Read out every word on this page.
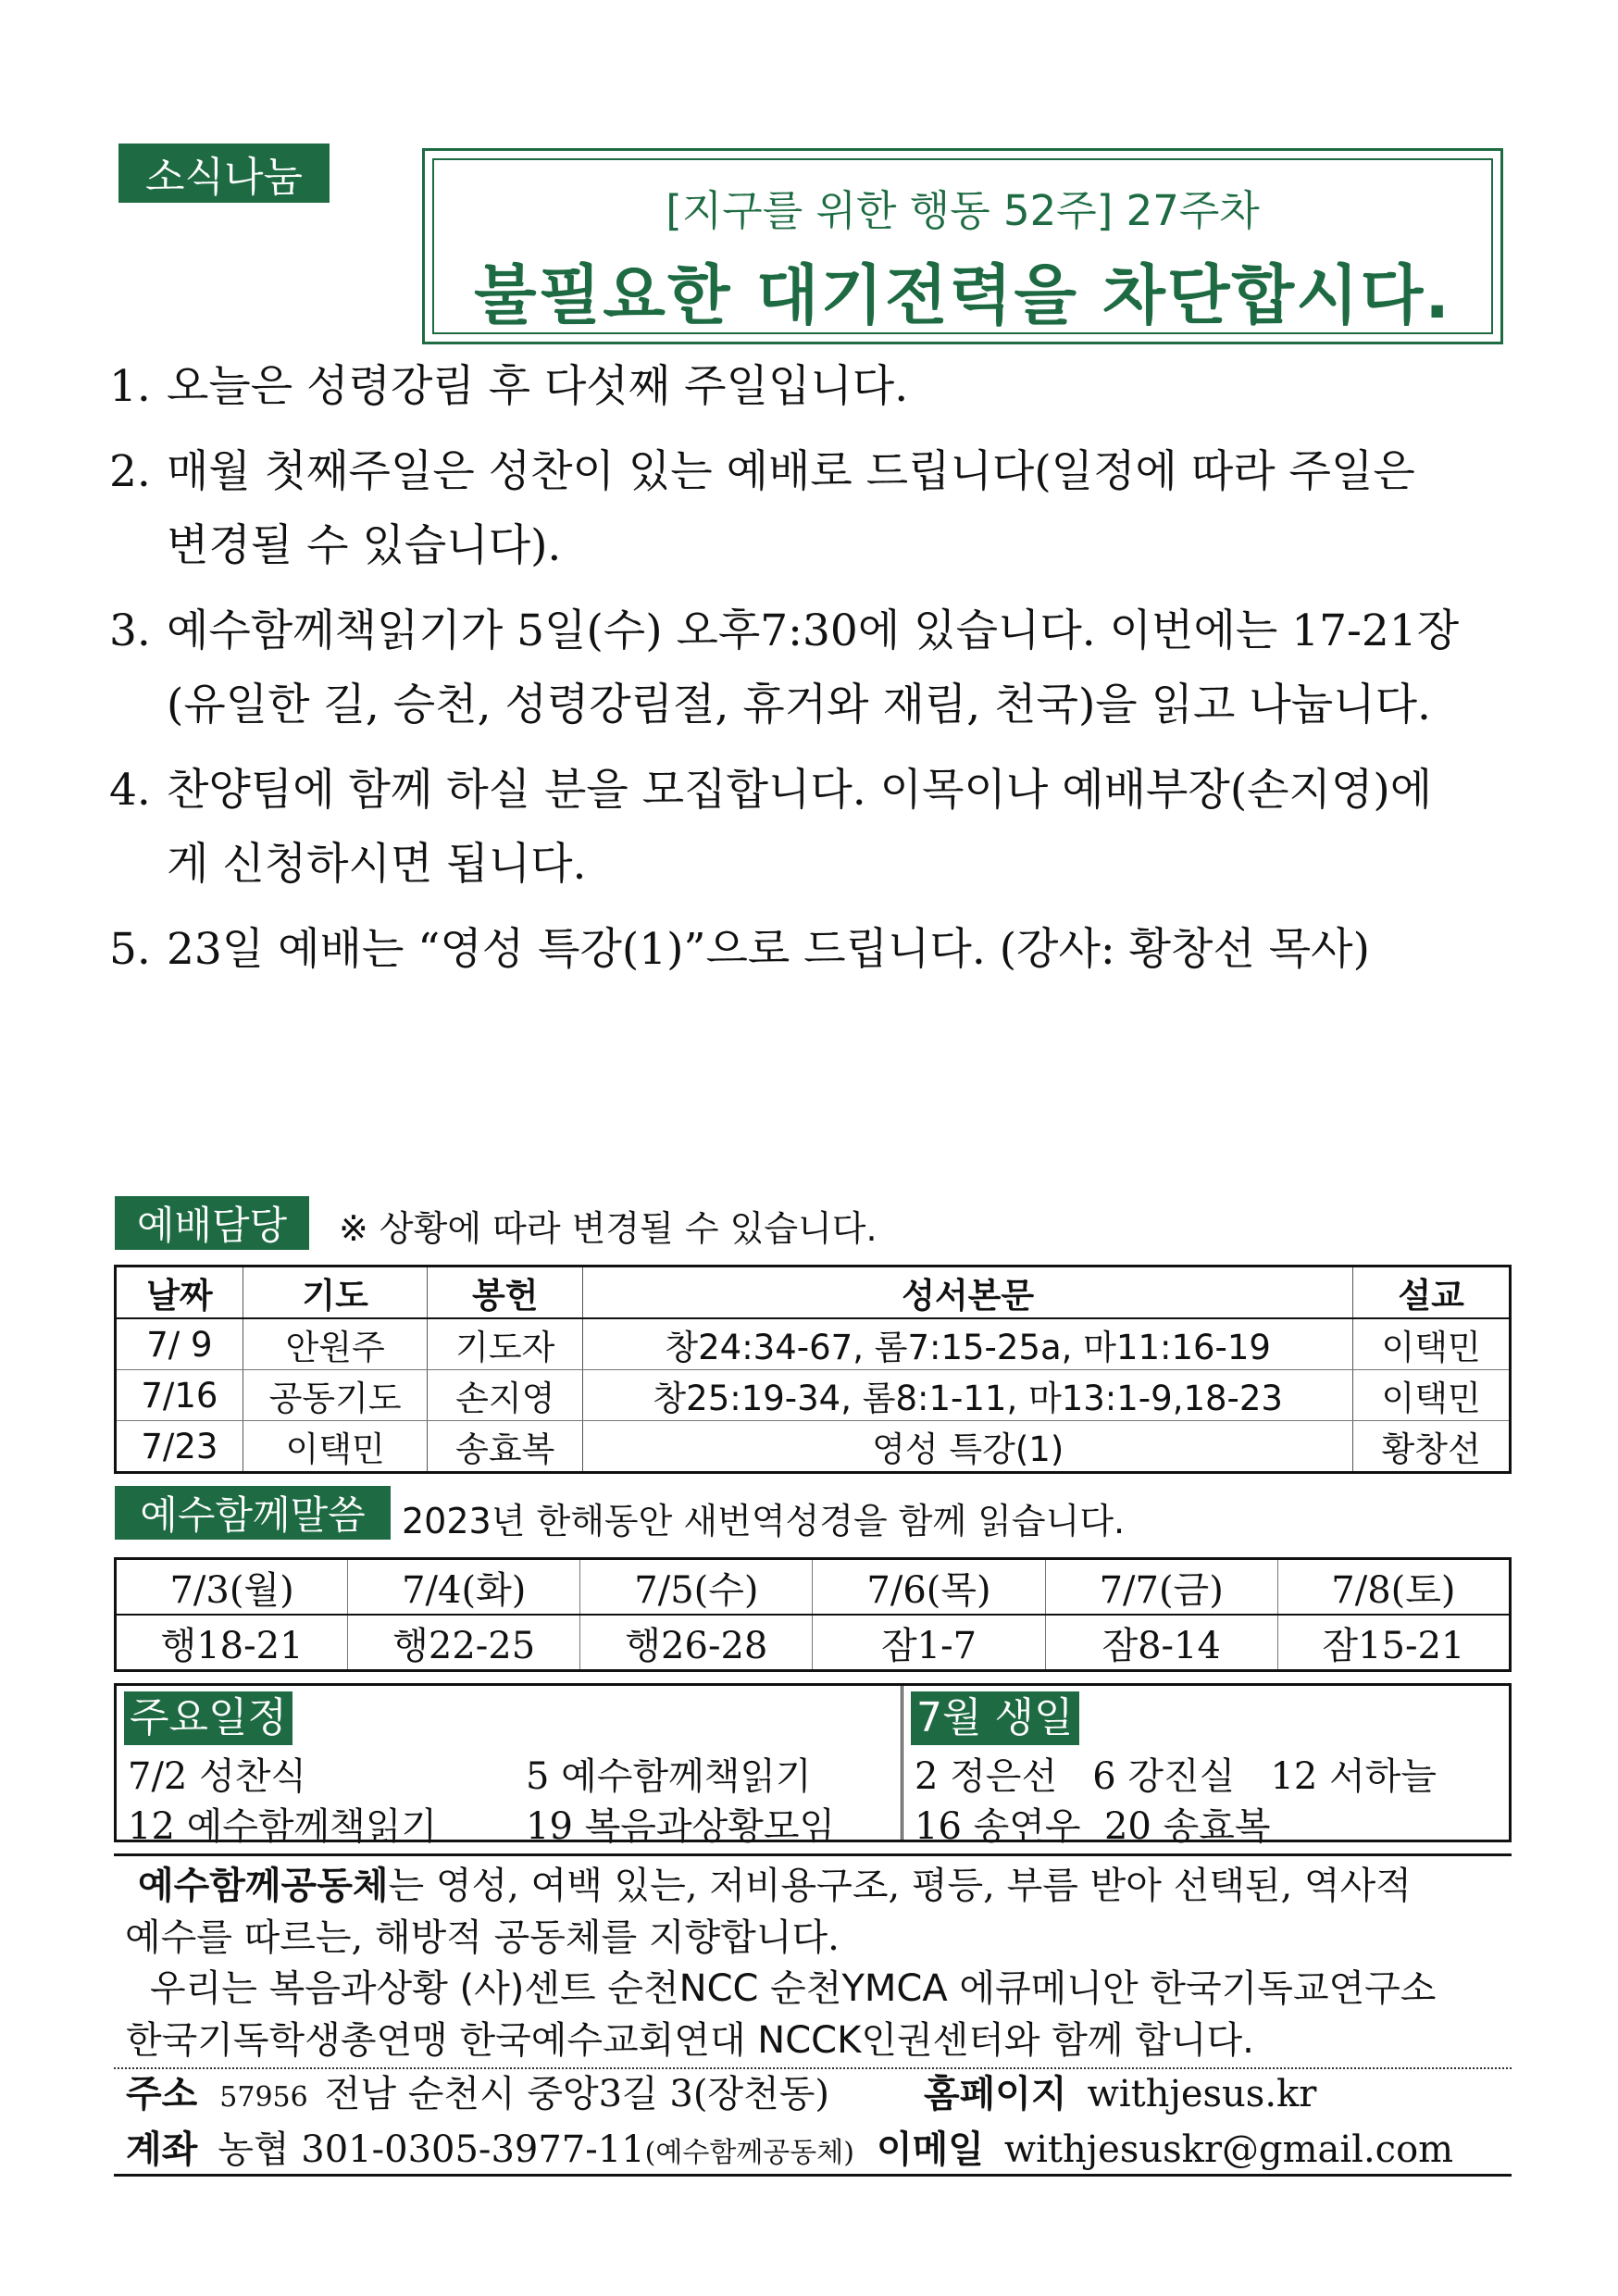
소식나눔
[지구를 위한 행동 52주] 27주차
불필요한 대기전력을 차단합시다.
1. 오늘은 성령강림 후 다섯째 주일입니다.
2. 매월 첫째주일은 성찬이 있는 예배로 드립니다(일정에 따라 주일은 변경될 수 있습니다).
3. 예수함께책읽기가 5일(수) 오후7:30에 있습니다. 이번에는 17-21장 (유일한 길, 승천, 성령강림절, 휴거와 재림, 천국)을 읽고 나눕니다.
4. 찬양팀에 함께 하실 분을 모집합니다. 이목이나 예배부장(손지영)에게 신청하시면 됩니다.
5. 23일 예배는 “영성 특강(1)”으로 드립니다. (강사: 황창선 목사)
예배담당	※ 상황에 따라 변경될 수 있습니다.
날짜	기도	봉헌	성서본문	설교
7/ 9	안원주	기도자	창24:34-67, 롬7:15-25a, 마11:16-19	이택민
7/16	공동기도	손지영	창25:19-34, 롬8:1-11, 마13:1-9,18-23	이택민
7/23	이택민	송효복	영성 특강(1)	황창선
예수함께말씀	2023년 한해동안 새번역성경을 함께 읽습니다.
7/3(월)	7/4(화)	7/5(수)	7/6(목)	7/7(금)	7/8(토)
행18-21	행22-25	행26-28	잠1-7	잠8-14	잠15-21
주요일정
7/2 성찬식	5 예수함께책읽기
12 예수함께책읽기 19 복음과상황모임
7월 생일
2 정은선   6 강진실   12 서하늘
16 송연우  20 송효복
예수함께공동체는 영성, 여백 있는, 저비용구조, 평등, 부름 받아 선택된, 역사적
예수를 따르는, 해방적 공동체를 지향합니다.
우리는 복음과상황 (사)센트 순천NCC 순천YMCA 에큐메니안 한국기독교연구소
한국기독학생총연맹 한국예수교회연대 NCCK인권센터와 함께 합니다.
주소 57956 전남 순천시 중앙3길 3(장천동)	홈페이지 withjesus.kr
계좌 농협 301-0305-3977-11(예수함께공동체) 이메일 withjesuskr@gmail.com
